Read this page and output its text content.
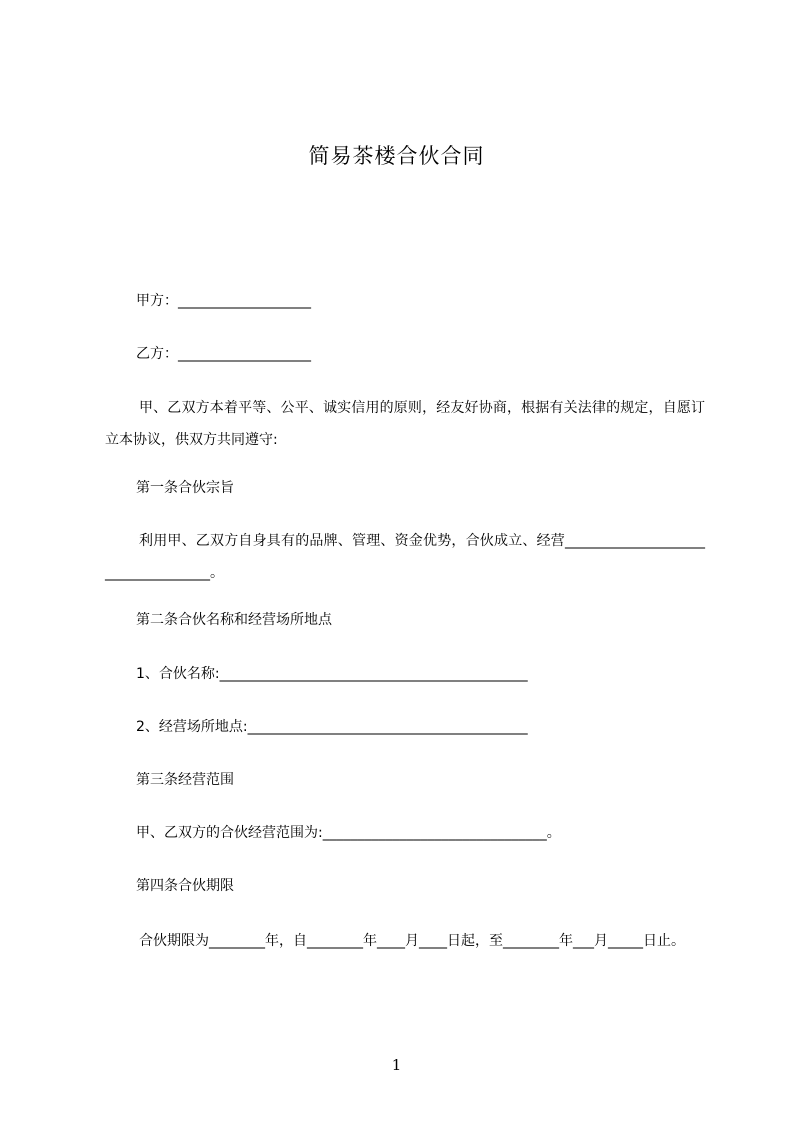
简易茶楼合伙合同
甲方：___________________
乙方：___________________
甲、乙双方本着平等、公平、诚实信用的原则，经友好协商，根据有关法律的规定，自愿订立本协议，供双方共同遵守:
第一条合伙宗旨
利用甲、乙双方自身具有的品牌、管理、资金优势，合伙成立、经营___________________________________。
第二条合伙名称和经营场所地点
1、合伙名称:____________________________________________
2、经营场所地点:________________________________________
第三条经营范围
甲、乙双方的合伙经营范围为:________________________________。
第四条合伙期限
合伙期限为________年，自________年____月____日起，至________年___月_____日止。
1
